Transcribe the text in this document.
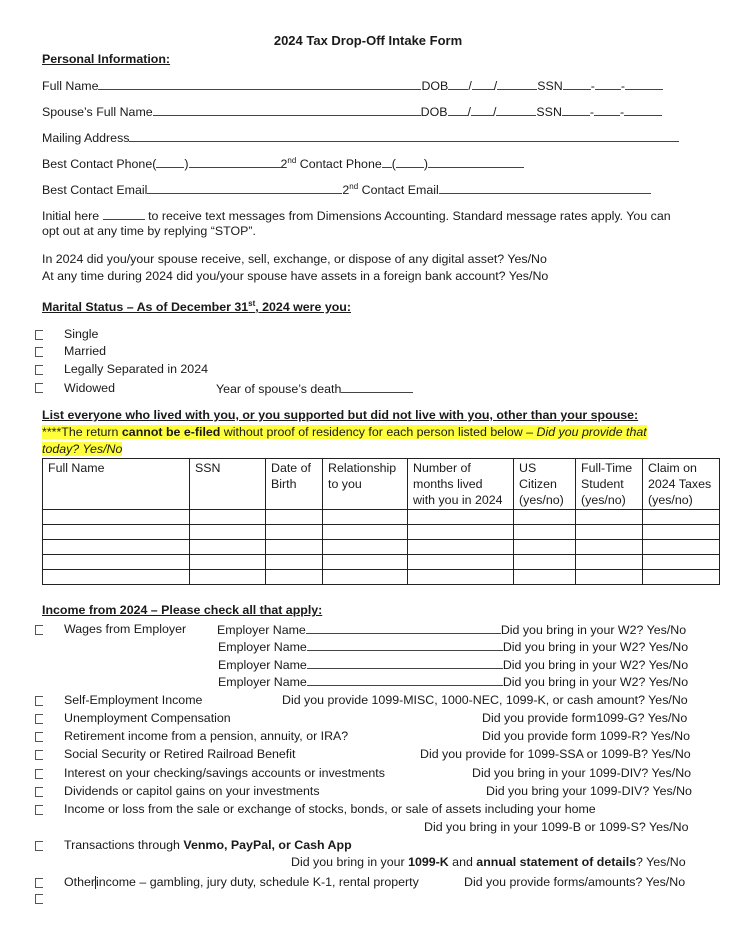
2024 Tax Drop-Off Intake Form
Personal Information:
Full Name	DOB / /	SSN - -
Spouse’s Full Name	DOB / /	SSN - -
Mailing Address
Best Contact Phone( )	2nd Contact Phone ( )
Best Contact Email	2nd Contact Email
Initial here	to receive text messages from Dimensions Accounting. Standard message rates apply. You can
opt out at any time by replying “STOP”.
In 2024 did you/your spouse receive, sell, exchange, or dispose of any digital asset? Yes/No
At any time during 2024 did you/your spouse have assets in a foreign bank account? Yes/No
Marital Status – As of December 31st, 2024 were you:
Single
Married
Legally Separated in 2024
Widowed	Year of spouse’s death
List everyone who lived with you, or you supported but did not live with you, other than your spouse:
****The return cannot be e-filed without proof of residency for each person listed below – Did you provide that
today? Yes/No
Full Name	SSN	Date of Birth	Relationship to you	Number of months lived with you in 2024	US Citizen (yes/no)	Full-Time Student (yes/no)	Claim on 2024 Taxes (yes/no)

Income from 2024 – Please check all that apply:
Wages from Employer Employer Name	Did you bring in your W2? Yes/No
Employer Name	Did you bring in your W2? Yes/No
Employer Name	Did you bring in your W2? Yes/No
Employer Name	Did you bring in your W2? Yes/No
Self-Employment Income	Did you provide 1099-MISC, 1000-NEC, 1099-K, or cash amount? Yes/No
Unemployment Compensation	Did you provide form1099-G? Yes/No
Retirement income from a pension, annuity, or IRA?	Did you provide form 1099-R? Yes/No
Social Security or Retired Railroad Benefit	Did you provide for 1099-SSA or 1099-B? Yes/No
Interest on your checking/savings accounts or investments	Did you bring in your 1099-DIV? Yes/No
Dividends or capitol gains on your investments	Did you bring your 1099-DIV? Yes/No
Income or loss from the sale or exchange of stocks, bonds, or sale of assets including your home
Did you bring in your 1099-B or 1099-S? Yes/No
Transactions through Venmo, PayPal, or Cash App
Did you bring in your 1099-K and annual statement of details? Yes/No
Otherincome – gambling, jury duty, schedule K-1, rental property	Did you provide forms/amounts? Yes/No
